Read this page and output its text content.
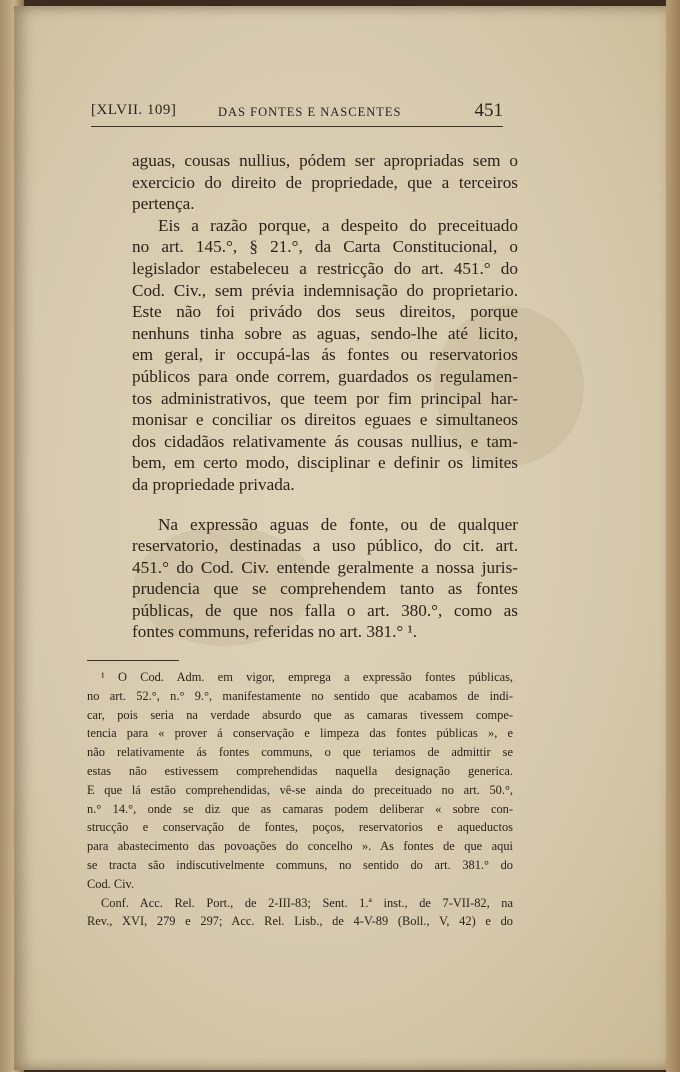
[XLVII. 109]	DAS FONTES E NASCENTES	451

aguas, cousas nullius, pódem ser apropriadas sem o
exercicio do direito de propriedade, que a terceiros
pertença.

Eis a razão porque, a despeito do preceituado
no art. 145.°, § 21.°, da Carta Constitucional, o
legislador estabeleceu a restricção do art. 451.° do
Cod. Civ., sem prévia indemnisação do proprietario.
Este não foi privádo dos seus direitos, porque
nenhuns tinha sobre as aguas, sendo-lhe até licito,
em geral, ir occupá-las ás fontes ou reservatorios
públicos para onde correm, guardados os regulamen-
tos administrativos, que teem por fim principal har-
monisar e conciliar os direitos eguaes e simultaneos
dos cidadãos relativamente ás cousas nullius, e tam-
bem, em certo modo, disciplinar e definir os limites
da propriedade privada.

Na expressão aguas de fonte, ou de qualquer
reservatorio, destinadas a uso público, do cit. art.
451.° do Cod. Civ. entende geralmente a nossa juris-
prudencia que se comprehendem tanto as fontes
públicas, de que nos falla o art. 380.°, como as
fontes communs, referidas no art. 381.° ¹.

¹ O Cod. Adm. em vigor, emprega a expressão fontes públicas,
no art. 52.°, n.° 9.°, manifestamente no sentido que acabamos de indi-
car, pois seria na verdade absurdo que as camaras tivessem compe-
tencia para « prover á conservação e limpeza das fontes públicas », e
não relativamente ás fontes communs, o que teriamos de admittir se
estas não estivessem comprehendidas naquella designação generica.
E que lá estão comprehendidas, vê-se ainda do preceituado no art. 50.°,
n.° 14.°, onde se diz que as camaras podem deliberar « sobre con-
strucção e conservação de fontes, poços, reservatorios e aqueductos
para abastecimento das povoações do concelho ». As fontes de que aqui
se tracta são indiscutivelmente communs, no sentido do art. 381.° do
Cod. Civ.

Conf. Acc. Rel. Port., de 2-III-83; Sent. 1.ª inst., de 7-VII-82, na
Rev., XVI, 279 e 297; Acc. Rel. Lisb., de 4-V-89 (Boll., V, 42) e do
